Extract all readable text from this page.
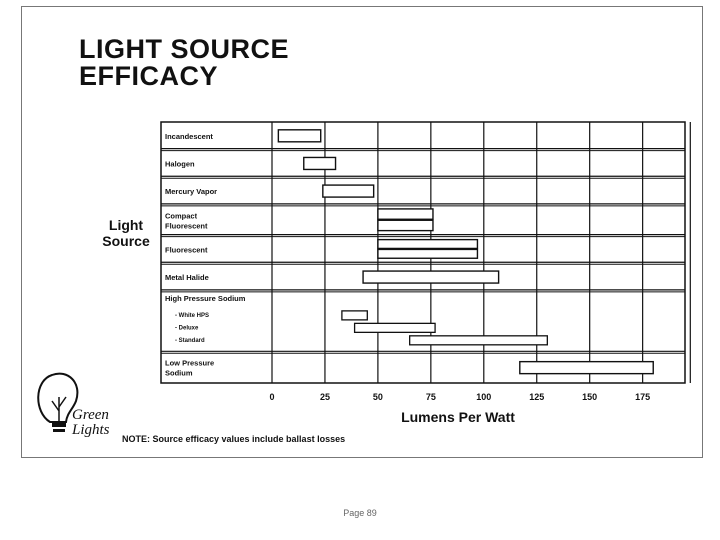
LIGHT SOURCE
EFFICACY
Light
Source
Incandescent
Halogen
Mercury Vapor
Compact
Fluorescent
Fluorescent
Metal Halide
High Pressure Sodium
- White HPS
- Deluxe
- Standard
Low Pressure
Sodium
0	25	50	75	100	125	150	175
Lumens Per Watt
Green
Lights
NOTE: Source efficacy values include ballast losses
Page 89
